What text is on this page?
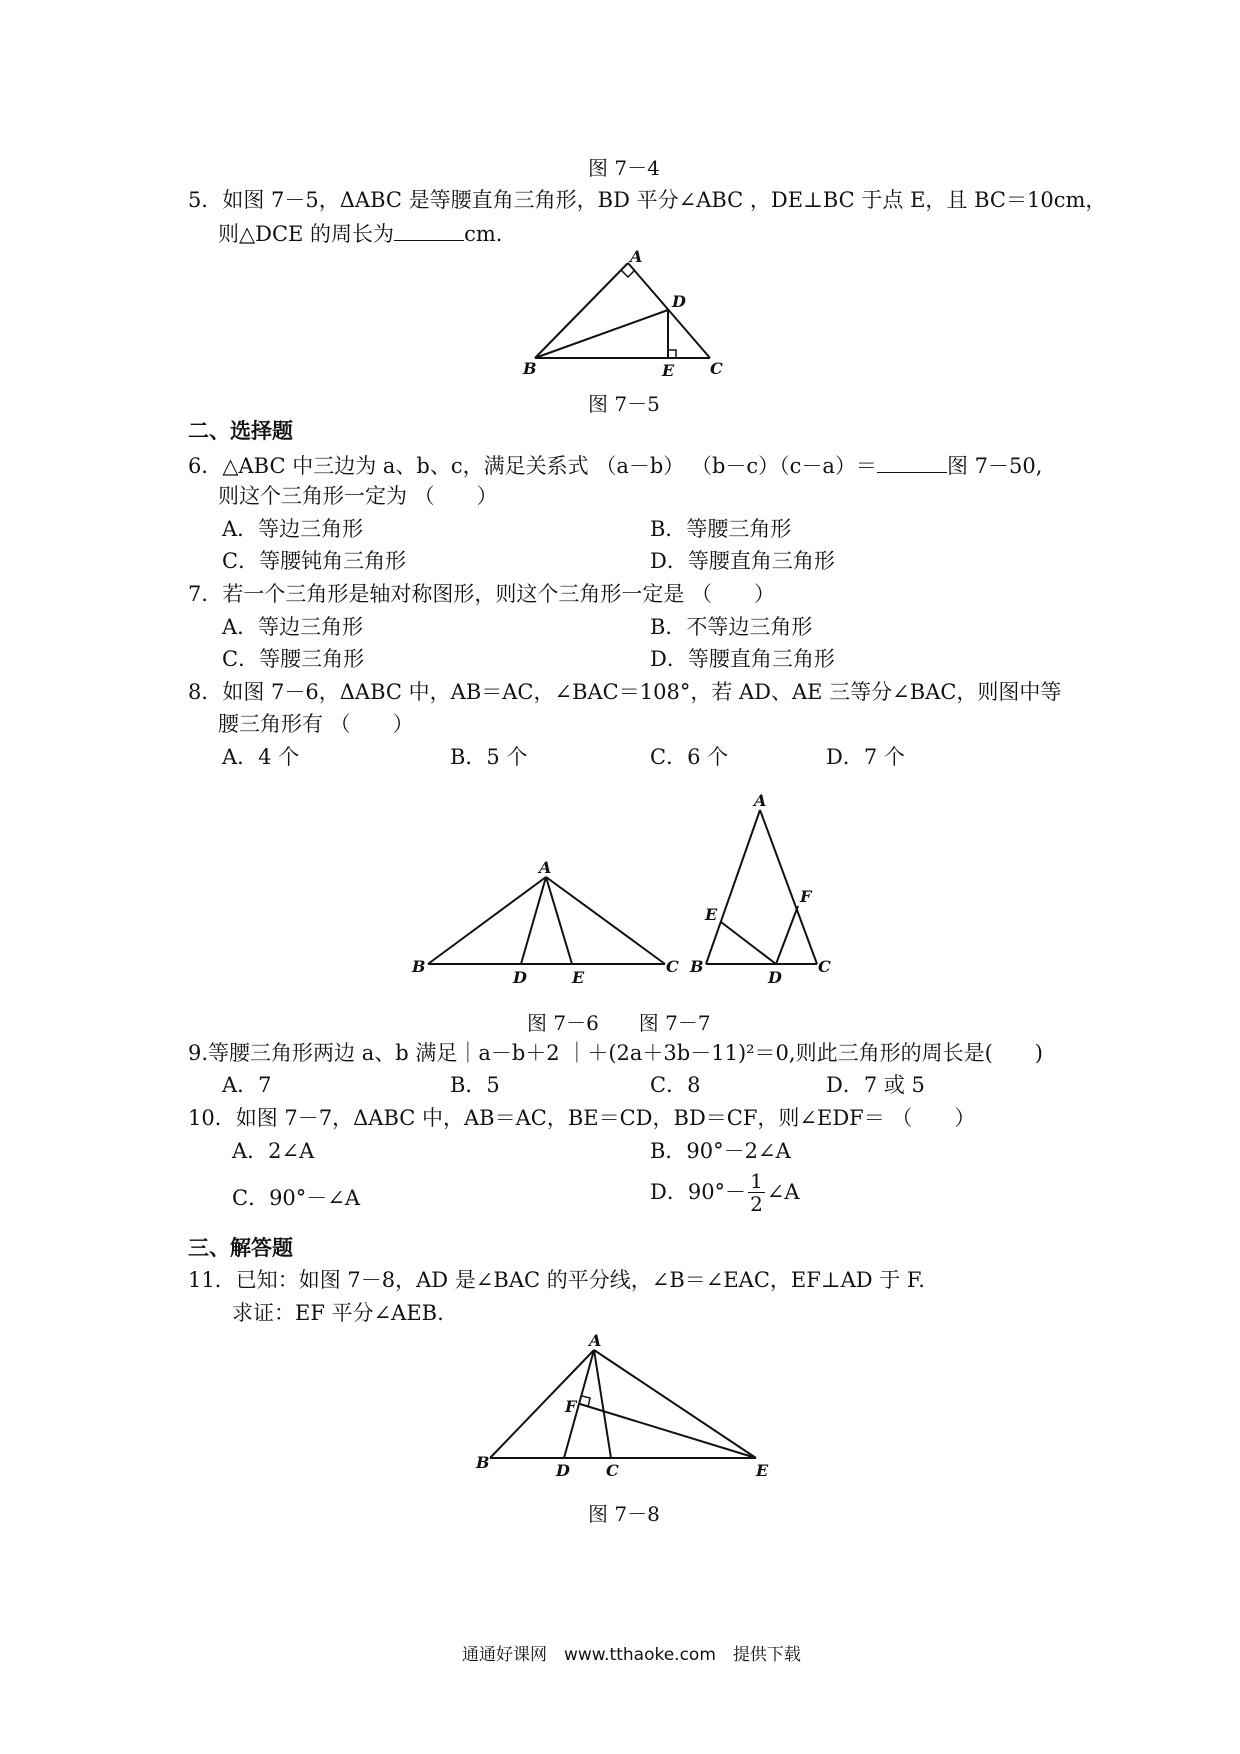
图 7－4
5．如图 7－5，ΔABC 是等腰直角三角形，BD 平分∠ABC ，DE⊥BC 于点 E，且 BC＝10cm，
则△DCE 的周长为	cm.
A
B	C
D
E
图 7－5
二、选择题
6．△ABC 中三边为 a、b、c，满足关系式 （a－b） （b－c）（c－a）＝	图 7－50,
则这个三角形一定为 （　　）
A．等边三角形	B．等腰三角形
C．等腰钝角三角形	D．等腰直角三角形
7．若一个三角形是轴对称图形，则这个三角形一定是 （　　）
A．等边三角形	B．不等边三角形
C．等腰三角形	D．等腰直角三角形
8．如图 7－6，ΔABC 中，AB＝AC，∠BAC＝108°，若 AD、AE 三等分∠BAC，则图中等
腰三角形有 （　　）
A．4 个	B．5 个	C．6 个	D．7 个
A
B	C
D	E
A
B	C
D
E
F
图 7－6　　图 7－7
9.等腰三角形两边 a、b 满足｜a－b＋2 ｜＋(2a＋3b－11)²＝0,则此三角形的周长是(　　)
A．7	B．5	C．8	D．7 或 5
10．如图 7－7，ΔABC 中，AB＝AC，BE＝CD，BD＝CF，则∠EDF＝ （　　）
A．2∠A	B．90°－2∠A
C．90°－∠A	D．$90^\circ- \frac{1}{2}$ ∠A
三、解答题
11．已知：如图 7－8，AD 是∠BAC 的平分线，∠B＝∠EAC，EF⊥AD 于 F.
求证：EF 平分∠AEB.
A
B	C
D	E
F
图 7－8
通通好课网　www.tthaoke.com　提供下载
